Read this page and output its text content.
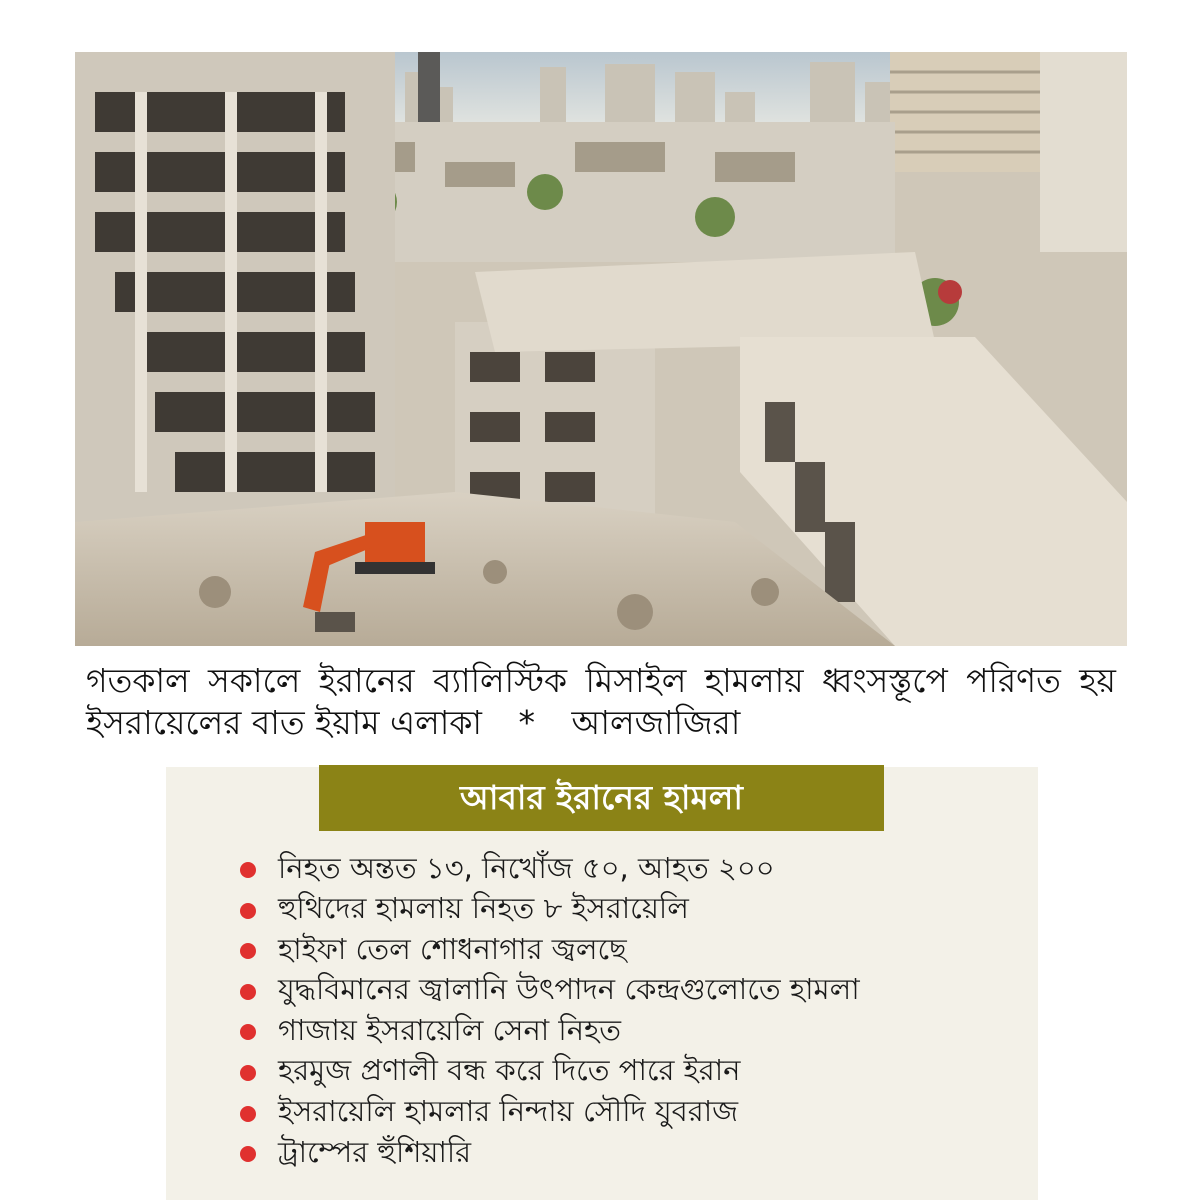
গতকাল সকালে ইরানের ব্যালিস্টিক মিসাইল হামলায় ধ্বংসস্তূপে পরিণত হয় ইসরায়েলের বাত ইয়াম এলাকা * আলজাজিরা
আবার ইরানের হামলা
নিহত অন্তত ১৩, নিখোঁজ ৫০, আহত ২০০
হুথিদের হামলায় নিহত ৮ ইসরায়েলি
হাইফা তেল শোধনাগার জ্বলছে
যুদ্ধবিমানের জ্বালানি উৎপাদন কেন্দ্রগুলোতে হামলা
গাজায় ইসরায়েলি সেনা নিহত
হরমুজ প্রণালী বন্ধ করে দিতে পারে ইরান
ইসরায়েলি হামলার নিন্দায় সৌদি যুবরাজ
ট্রাম্পের হুঁশিয়ারি
